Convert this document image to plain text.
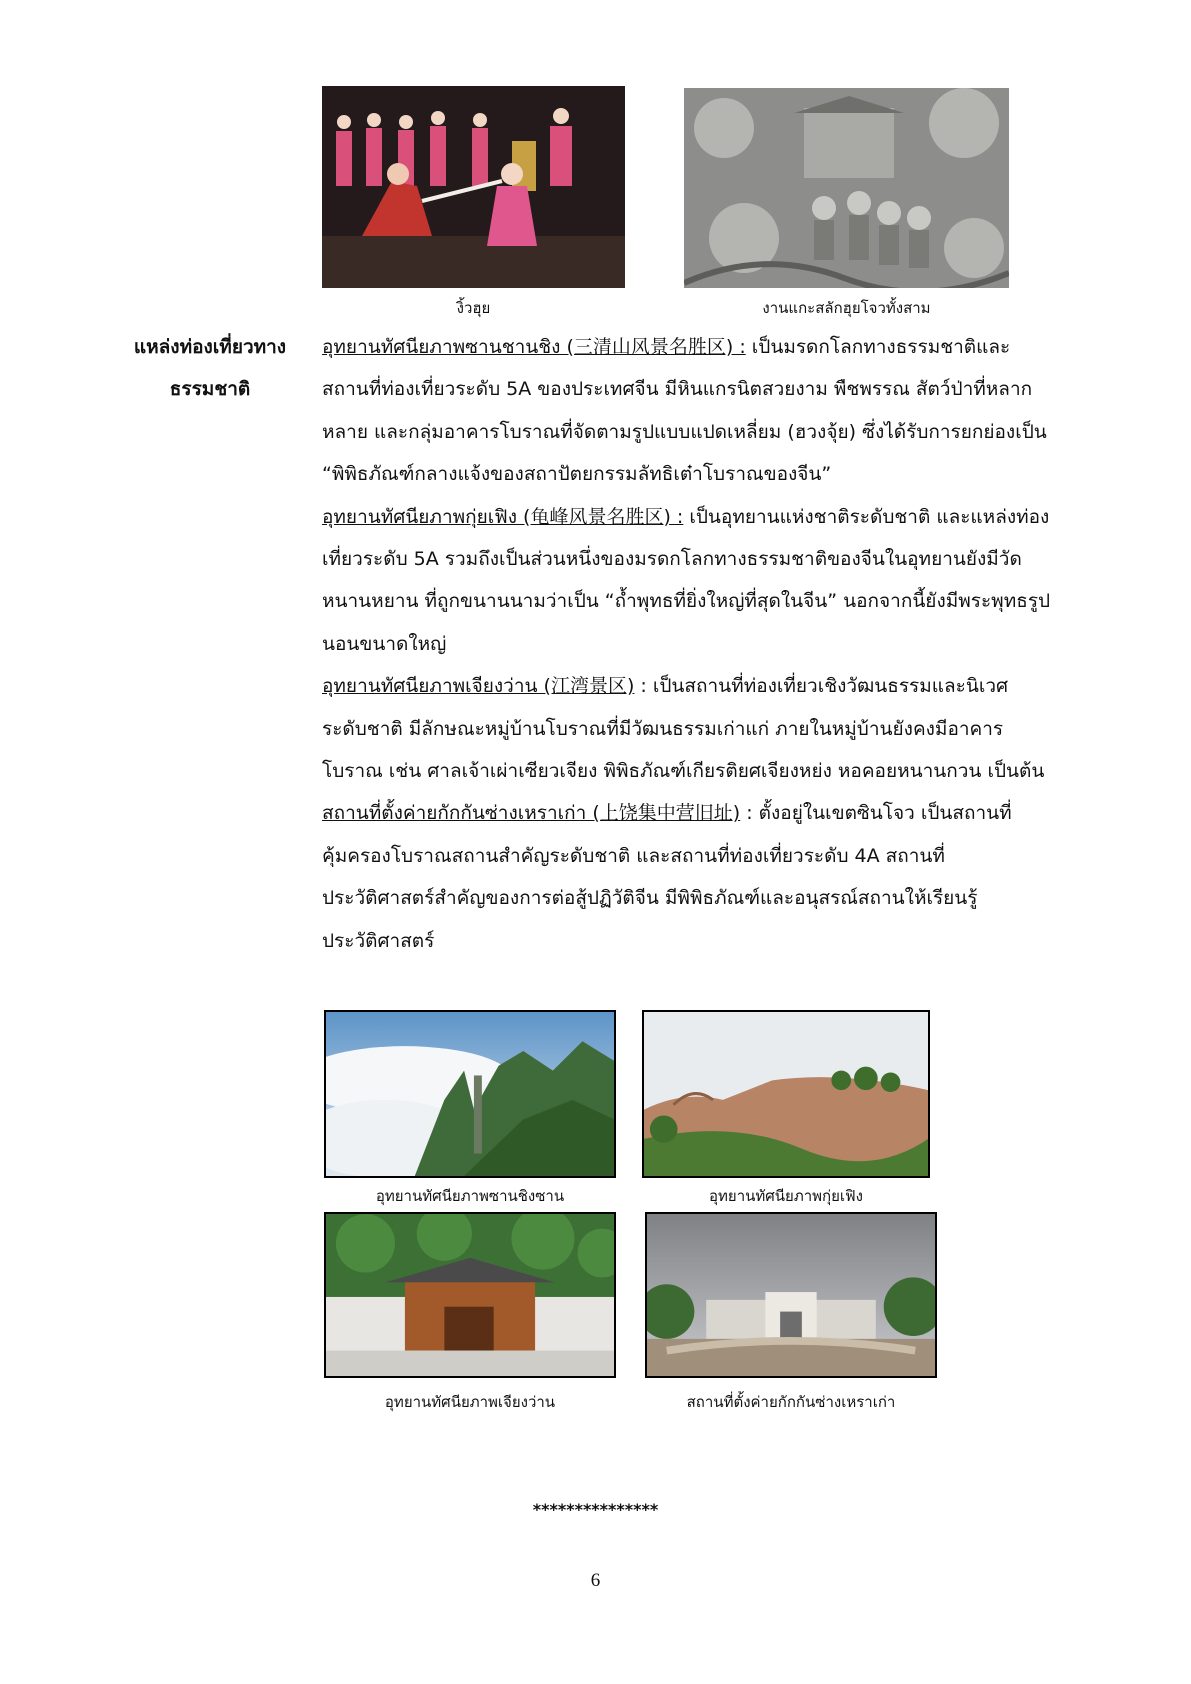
งิ้วฮุย	งานแกะสลักฮุยโจวทั้งสาม
แหล่งท่องเที่ยวทาง
ธรรมชาติ

อุทยานทัศนียภาพซานชานชิง (三清山风景名胜区) : เป็นมรดกโลกทางธรรมชาติและสถานที่ท่องเที่ยวระดับ 5A ของประเทศจีน มีหินแกรนิตสวยงาม พืชพรรณ สัตว์ป่าที่หลากหลาย และกลุ่มอาคารโบราณที่จัดตามรูปแบบแปดเหลี่ยม (ฮวงจุ้ย) ซึ่งได้รับการยกย่องเป็น “พิพิธภัณฑ์กลางแจ้งของสถาปัตยกรรมลัทธิเต๋าโบราณของจีน”

อุทยานทัศนียภาพกุ่ยเฟิง (龟峰风景名胜区) : เป็นอุทยานแห่งชาติระดับชาติ และแหล่งท่องเที่ยวระดับ 5A รวมถึงเป็นส่วนหนึ่งของมรดกโลกทางธรรมชาติของจีนในอุทยานยังมีวัดหนานหยาน ที่ถูกขนานนามว่าเป็น “ถ้ำพุทธที่ยิ่งใหญ่ที่สุดในจีน” นอกจากนี้ยังมีพระพุทธรูปนอนขนาดใหญ่

อุทยานทัศนียภาพเจียงว่าน (江湾景区) : เป็นสถานที่ท่องเที่ยวเชิงวัฒนธรรมและนิเวศระดับชาติ มีลักษณะหมู่บ้านโบราณที่มีวัฒนธรรมเก่าแก่ ภายในหมู่บ้านยังคงมีอาคารโบราณ เช่น ศาลเจ้าเผ่าเซียวเจียง พิพิธภัณฑ์เกียรติยศเจียงหย่ง หอคอยหนานกวน เป็นต้น

สถานที่ตั้งค่ายกักกันซ่างเหราเก่า (上饶集中营旧址) : ตั้งอยู่ในเขตซินโจว เป็นสถานที่คุ้มครองโบราณสถานสำคัญระดับชาติ และสถานที่ท่องเที่ยวระดับ 4A สถานที่ประวัติศาสตร์สำคัญของการต่อสู้ปฏิวัติจีน มีพิพิธภัณฑ์และอนุสรณ์สถานให้เรียนรู้ประวัติศาสตร์

อุทยานทัศนียภาพซานชิงซาน	อุทยานทัศนียภาพกุ่ยเฟิง
อุทยานทัศนียภาพเจียงว่าน	สถานที่ตั้งค่ายกักกันซ่างเหราเก่า
***************
6
